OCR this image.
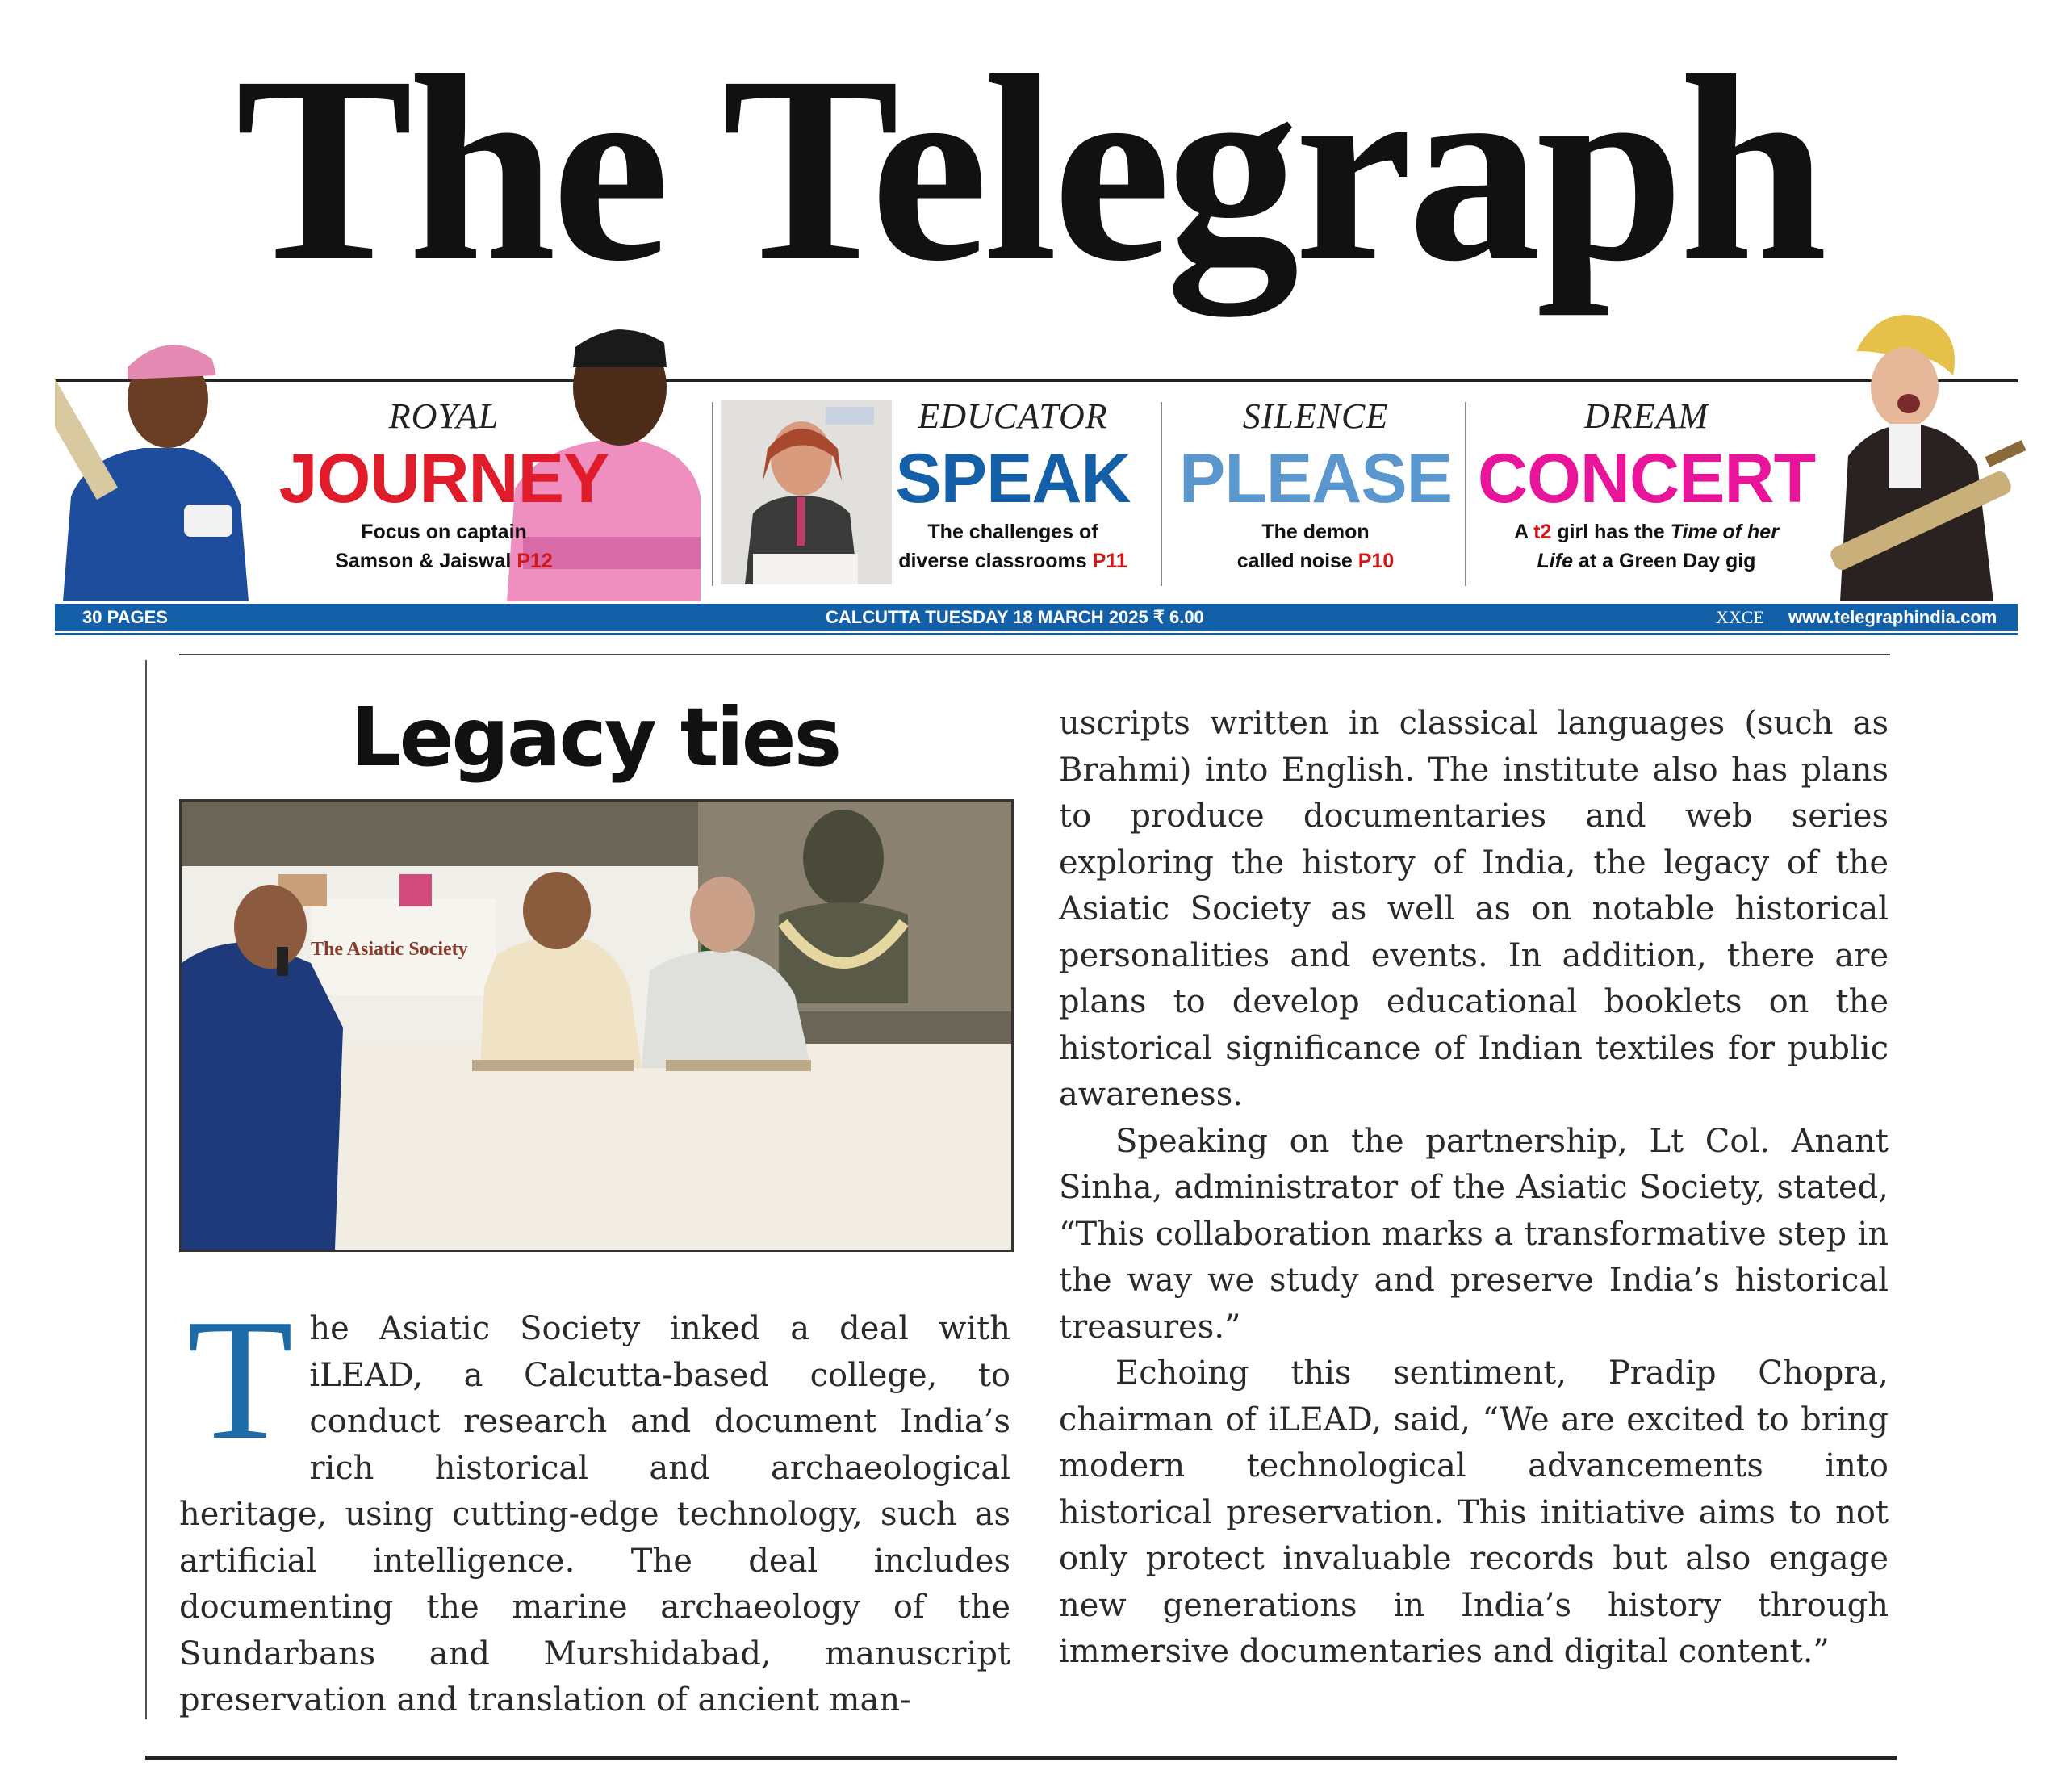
The Telegraph
ROYAL
JOURNEY
Focus on captain
Samson & Jaiswal P12
EDUCATOR
SPEAK
The challenges of
diverse classrooms P11
SILENCE
PLEASE
The demon
called noise P10
DREAM
CONCERT
A t2 girl has the Time of her
Life at a Green Day gig
30 PAGES	CALCUTTA TUESDAY 18 MARCH 2025 ₹ 6.00	XXCE www.telegraphindia.com
Legacy ties
The Asiatic Society

The Asiatic Society inked a deal with iLEAD, a Calcutta-based college, to conduct research and document India’s rich historical and archaeological heritage, using cutting-edge technology, such as artificial intelligence. The deal includes documenting the marine archaeology of the Sundarbans and Murshidabad, manuscript preservation and translation of ancient man-

uscripts written in classical languages (such as Brahmi) into English. The institute also has plans to produce documentaries and web series exploring the history of India, the legacy of the Asiatic Society as well as on notable historical personalities and events. In addition, there are plans to develop educational booklets on the historical significance of Indian textiles for public awareness.

Speaking on the partnership, Lt Col. Anant Sinha, administrator of the Asiatic Society, stated, “This collaboration marks a transformative step in the way we study and preserve India’s historical treasures.”

Echoing this sentiment, Pradip Chopra, chairman of iLEAD, said, “We are excited to bring modern technological advancements into historical preservation. This initiative aims to not only protect invaluable records but also engage new generations in India’s history through immersive documentaries and digital content.”
